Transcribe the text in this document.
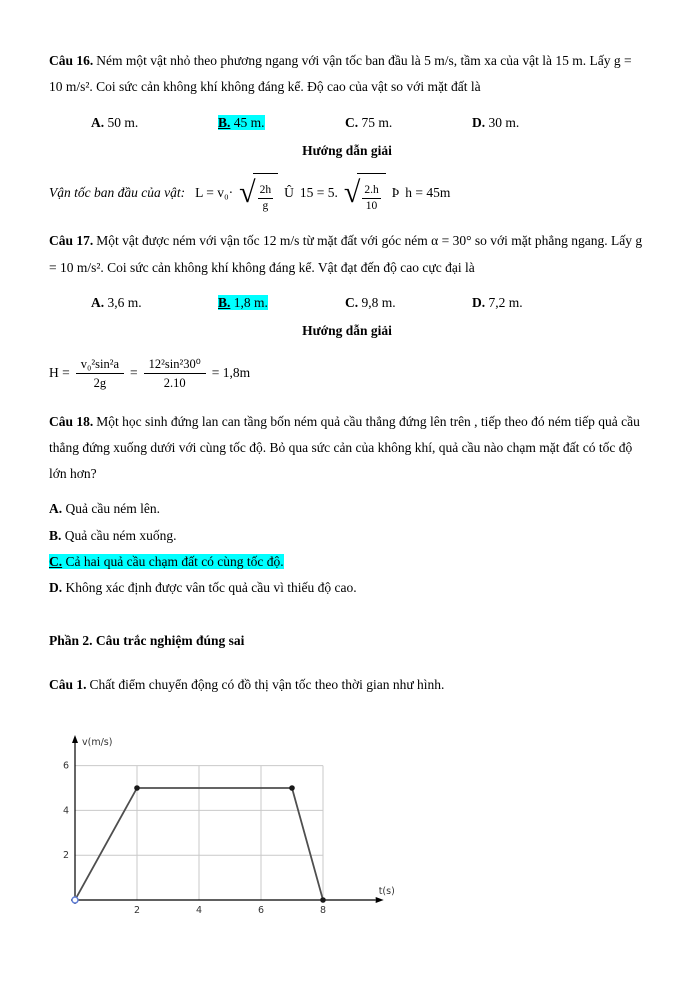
Câu 16. Ném một vật nhỏ theo phương ngang với vận tốc ban đầu là 5 m/s, tầm xa của vật là 15 m. Lấy g = 10 m/s². Coi sức cản không khí không đáng kể. Độ cao của vật so với mặt đất là

A. 50 m.	B. 45 m.	C. 75 m.	D. 30 m.
Hướng dẫn giải
Vận tốc ban đầu của vật: L = v₀· √ $\frac{2h}{g}$ Û 15 = 5. √ $\frac{2.h}{10}$ Þ h = 45m

Câu 17. Một vật được ném với vận tốc 12 m/s từ mặt đất với góc ném α = 30° so với mặt phẳng ngang. Lấy g = 10 m/s². Coi sức cản không khí không đáng kể. Vật đạt đến độ cao cực đại là

A. 3,6 m.	B. 1,8 m.	C. 9,8 m.	D. 7,2 m.
Hướng dẫn giải
$H = \frac{\text{v₀²sin²a}}{2g} = \frac{\text{12²sin²30⁰}}{2.10} = 1,8m$

Câu 18. Một học sinh đứng lan can tầng bốn ném quả cầu thẳng đứng lên trên , tiếp theo đó ném tiếp quả cầu thẳng đứng xuống dưới với cùng tốc độ. Bỏ qua sức cản của không khí, quả cầu nào chạm mặt đất có tốc độ lớn hơn?

A. Quả cầu ném lên.

B. Quả cầu ném xuống.

C. Cả hai quả cầu chạm đất có cùng tốc độ.

D. Không xác định được vân tốc quả cầu vì thiếu độ cao.

Phần 2. Câu trắc nghiệm đúng sai

Câu 1. Chất điểm chuyển động có đồ thị vận tốc theo thời gian như hình.

2	4	6	8
2
4
6
v(m/s)
t(s)
